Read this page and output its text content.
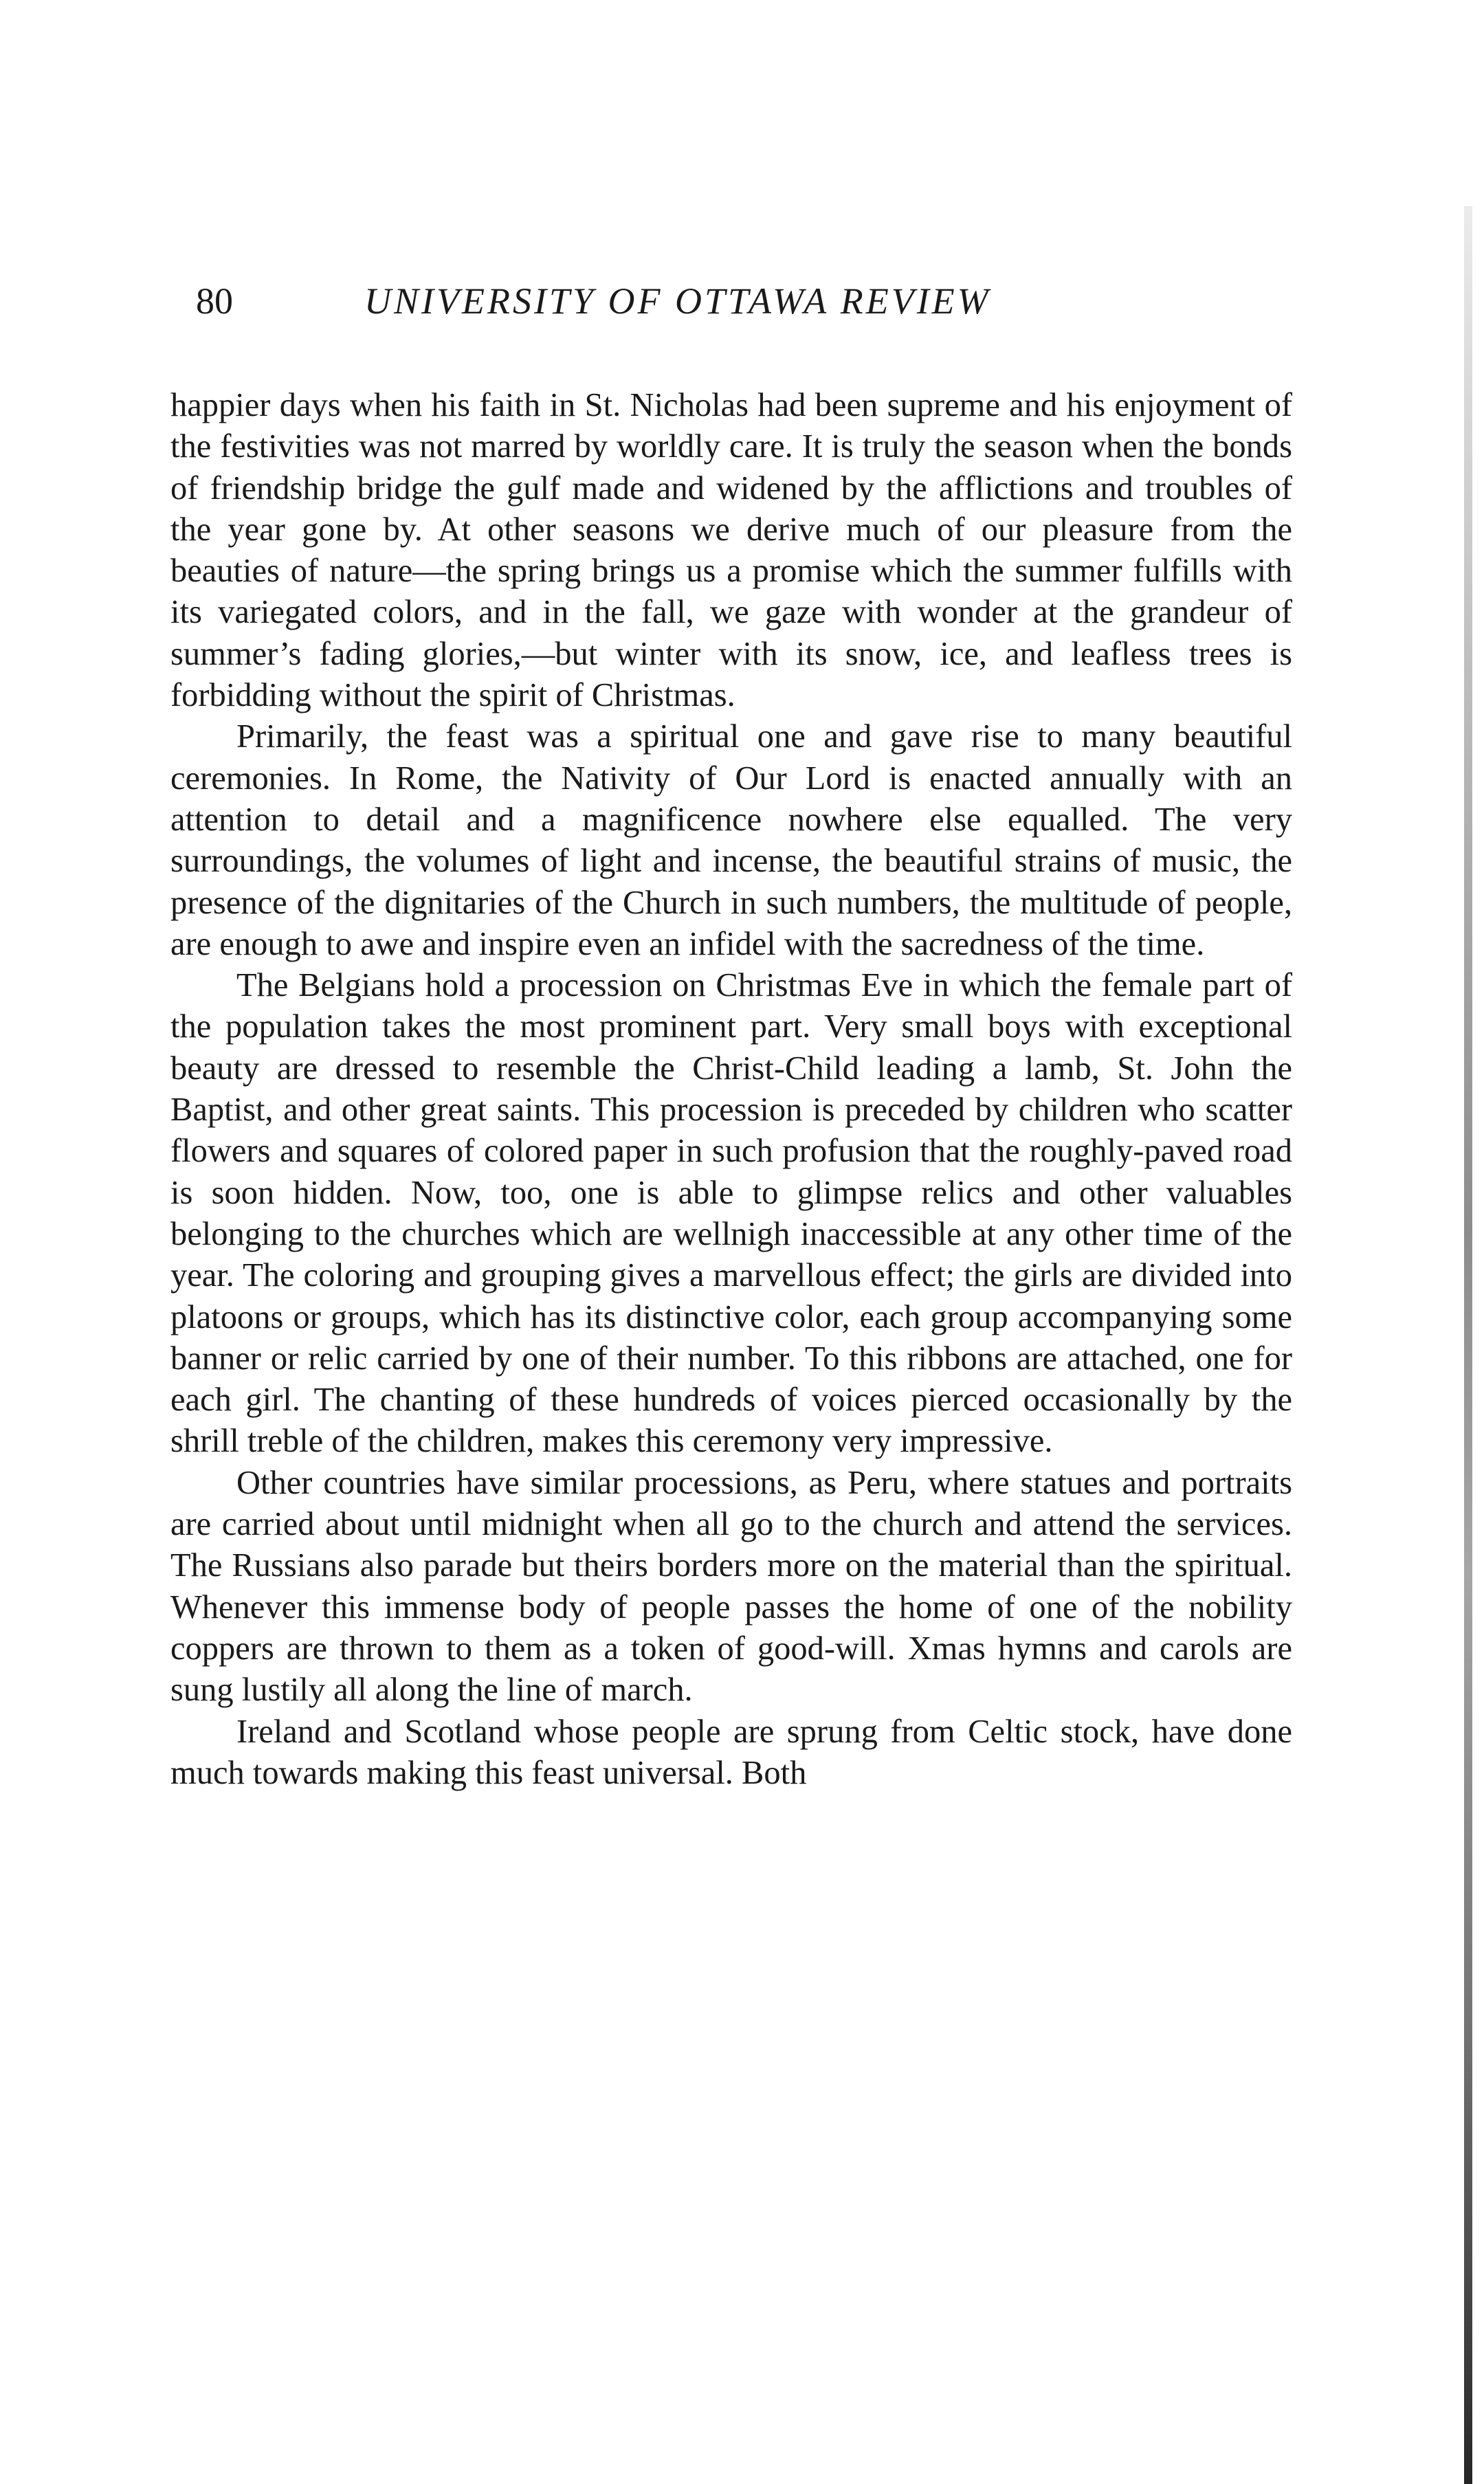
80	UNIVERSITY OF OTTAWA REVIEW

happier days when his faith in St. Nicholas had been supreme and his enjoyment of the festivities was not marred by worldly care. It is truly the season when the bonds of friendship bridge the gulf made and widened by the afflictions and troubles of the year gone by. At other seasons we derive much of our pleasure from the beauties of nature—the spring brings us a promise which the summer fulfills with its variegated colors, and in the fall, we gaze with wonder at the grandeur of summer’s fading glories,—but winter with its snow, ice, and leafless trees is forbidding without the spirit of Christmas.

Primarily, the feast was a spiritual one and gave rise to many beautiful ceremonies. In Rome, the Nativity of Our Lord is enacted annually with an attention to detail and a magnificence nowhere else equalled. The very surroundings, the volumes of light and incense, the beautiful strains of music, the presence of the dignitaries of the Church in such numbers, the multitude of people, are enough to awe and inspire even an infidel with the sacredness of the time.

The Belgians hold a procession on Christmas Eve in which the female part of the population takes the most prominent part. Very small boys with exceptional beauty are dressed to resemble the Christ-Child leading a lamb, St. John the Baptist, and other great saints. This procession is preceded by children who scatter flowers and squares of colored paper in such profusion that the roughly-paved road is soon hidden. Now, too, one is able to glimpse relics and other valuables belonging to the churches which are wellnigh inaccessible at any other time of the year. The coloring and grouping gives a marvellous effect; the girls are divided into platoons or groups, which has its distinctive color, each group accompanying some banner or relic carried by one of their number. To this ribbons are attached, one for each girl. The chanting of these hundreds of voices pierced occasionally by the shrill treble of the children, makes this ceremony very impressive.

Other countries have similar processions, as Peru, where statues and portraits are carried about until midnight when all go to the church and attend the services. The Russians also parade but theirs borders more on the material than the spiritual. Whenever this immense body of people passes the home of one of the nobility coppers are thrown to them as a token of good-will. Xmas hymns and carols are sung lustily all along the line of march.

Ireland and Scotland whose people are sprung from Celtic stock, have done much towards making this feast universal. Both
